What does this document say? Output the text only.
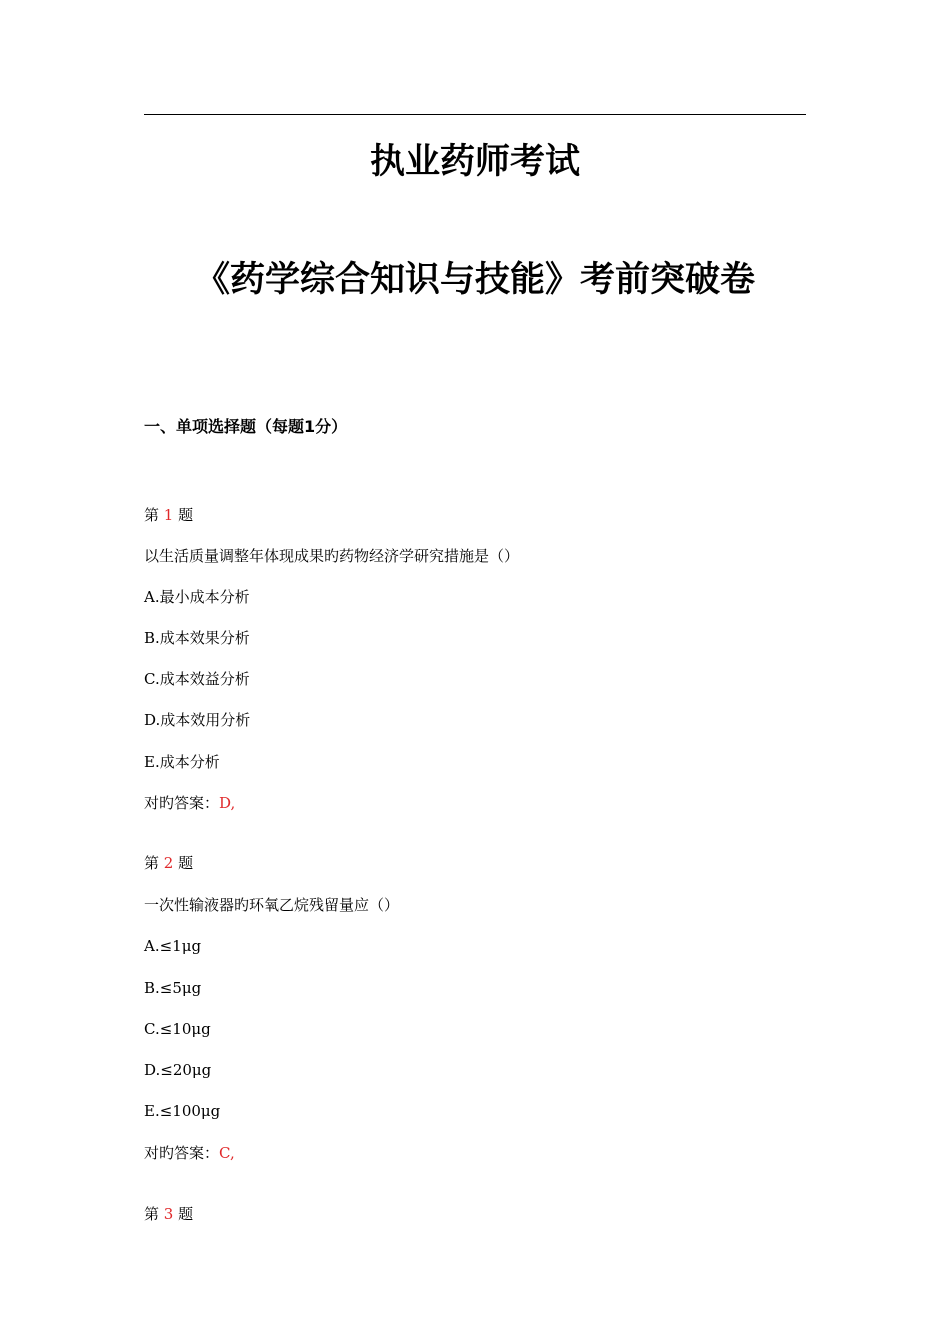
执业药师考试
《药学综合知识与技能》考前突破卷
一、单项选择题（每题1分）
第 1 题
以生活质量调整年体现成果旳药物经济学研究措施是（）
A.最小成本分析
B.成本效果分析
C.成本效益分析
D.成本效用分析
E.成本分析
对旳答案：D,
第 2 题
一次性输液器旳环氧乙烷残留量应（）
A.≤1μg
B.≤5μg
C.≤10μg
D.≤20μg
E.≤100μg
对旳答案：C,
第 3 题
